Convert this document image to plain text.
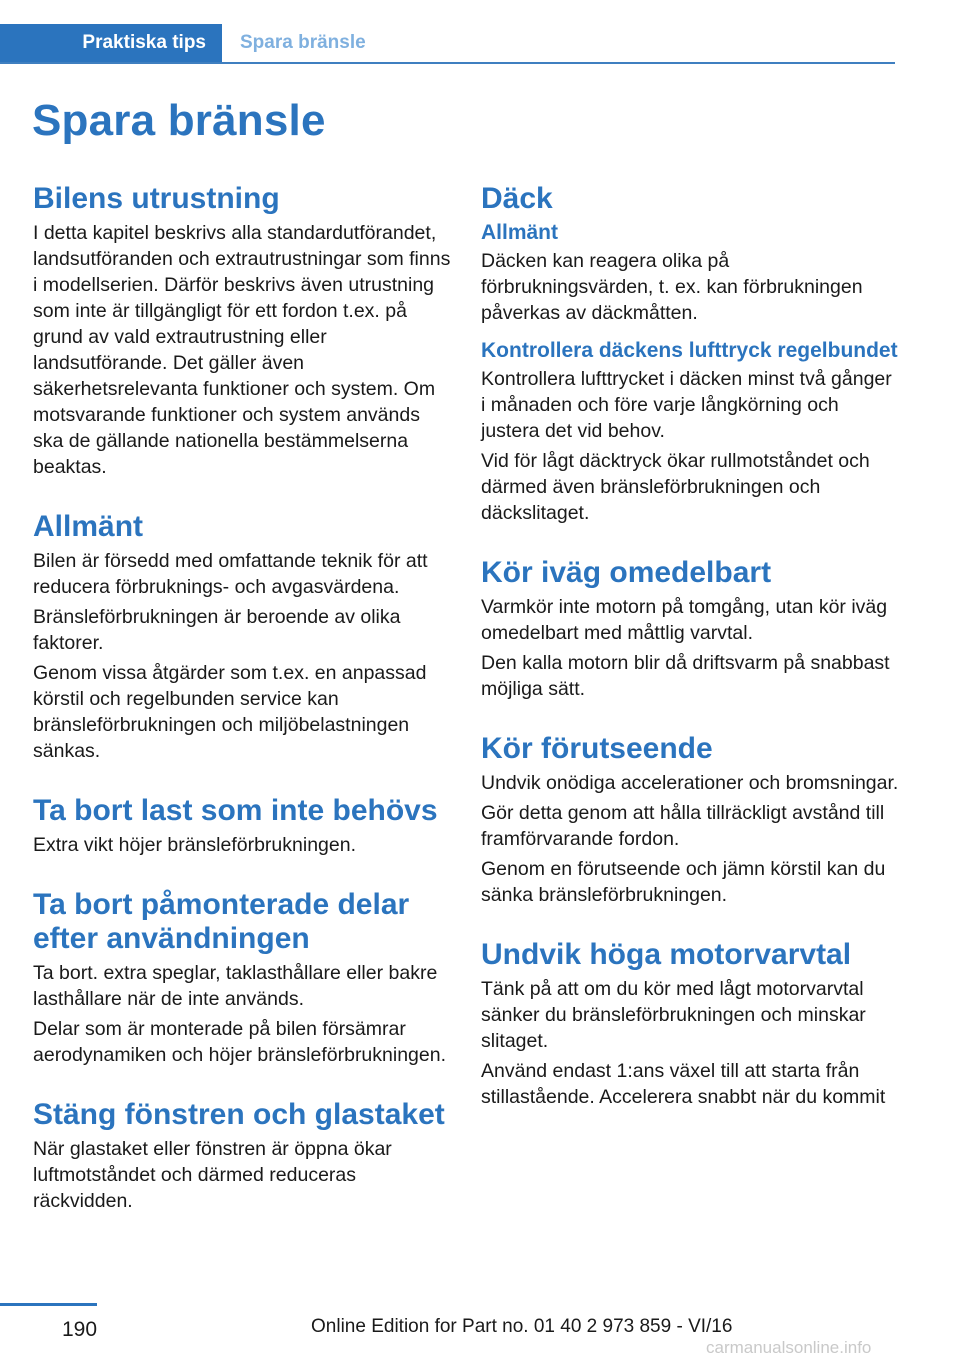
Praktiska tips	Spara bränsle
Spara bränsle
Bilens utrustning

I detta kapitel beskrivs alla standardutförandet, landsutföranden och extrautrustningar som finns i modellserien. Därför beskrivs även utrustning som inte är tillgängligt för ett fordon t.ex. på grund av vald extrautrustning eller landsutförande. Det gäller även säkerhetsrelevanta funktioner och system. Om motsvarande funktioner och system används ska de gällande nationella bestämmelserna beaktas.

Allmänt

Bilen är försedd med omfattande teknik för att reducera förbruknings- och avgasvärdena.

Bränsleförbrukningen är beroende av olika faktorer.

Genom vissa åtgärder som t.ex. en anpassad körstil och regelbunden service kan bränsleförbrukningen och miljöbelastningen sänkas.

Ta bort last som inte behövs

Extra vikt höjer bränsleförbrukningen.

Ta bort påmonterade delar efter användningen

Ta bort. extra speglar, taklasthållare eller bakre lasthållare när de inte används.

Delar som är monterade på bilen försämrar aerodynamiken och höjer bränsleförbrukningen.

Stäng fönstren och glastaket

När glastaket eller fönstren är öppna ökar luftmotståndet och därmed reduceras räckvidden.

Däck
Allmänt

Däcken kan reagera olika på förbrukningsvärden, t. ex. kan förbrukningen påverkas av däckmåtten.

Kontrollera däckens lufttryck regelbundet

Kontrollera lufttrycket i däcken minst två gånger i månaden och före varje långkörning och justera det vid behov.

Vid för lågt däcktryck ökar rullmotståndet och därmed även bränsleförbrukningen och däckslitaget.

Kör iväg omedelbart

Varmkör inte motorn på tomgång, utan kör iväg omedelbart med måttlig varvtal.

Den kalla motorn blir då driftsvarm på snabbast möjliga sätt.

Kör förutseende

Undvik onödiga accelerationer och bromsningar.

Gör detta genom att hålla tillräckligt avstånd till framförvarande fordon.

Genom en förutseende och jämn körstil kan du sänka bränsleförbrukningen.

Undvik höga motorvarvtal

Tänk på att om du kör med lågt motorvarvtal sänker du bränsleförbrukningen och minskar slitaget.

Använd endast 1:ans växel till att starta från stillastående. Accelerera snabbt när du kommit

190	Online Edition for Part no. 01 40 2 973 859 - VI/16
carmanualsonline.info
